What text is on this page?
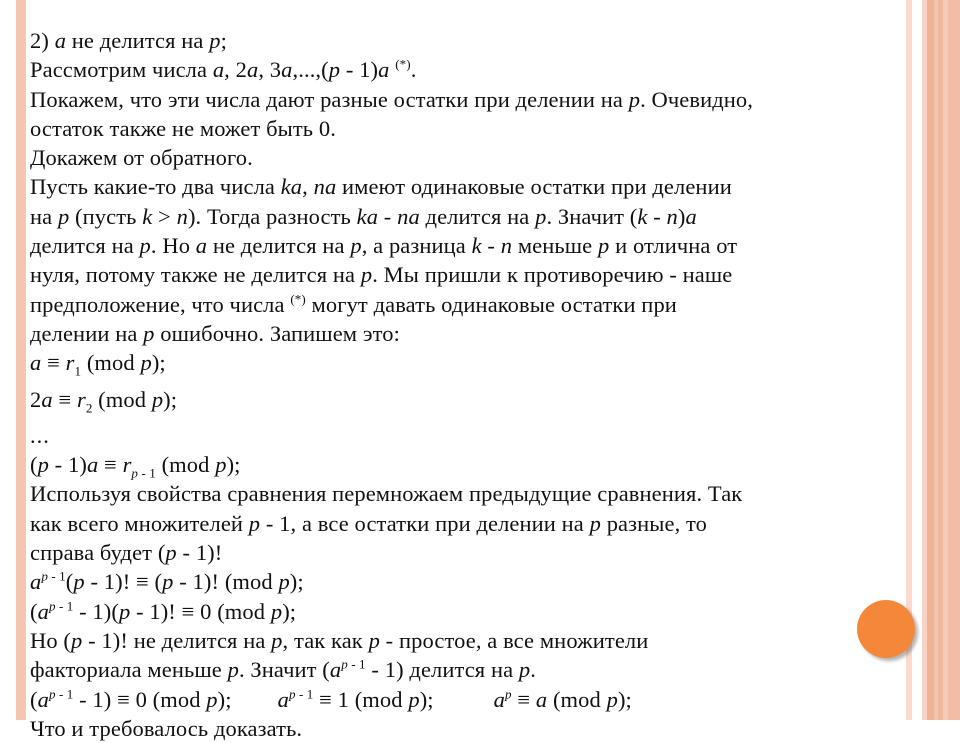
2) a не делится на p;
Рассмотрим числа a, 2a, 3a,...,(p - 1)a (*).
Покажем, что эти числа дают разные остатки при делении на p. Очевидно,
остаток также не может быть 0.
Докажем от обратного.
Пусть какие-то два числа ka, na имеют одинаковые остатки при делении
на p (пусть k > n). Тогда разность ka - na делится на p. Значит (k - n)a
делится на p. Но a не делится на p, а разница k - n меньше p и отлична от
нуля, потому также не делится на p. Мы пришли к противоречию - наше
предположение, что числа (*) могут давать одинаковые остатки при
делении на p ошибочно. Запишем это:
$a \equiv r_1$ (mod p);
$2a \equiv r_2$ (mod p);
...
$(p - 1)a \equiv r_{p - 1}$ (mod p);
Используя свойства сравнения перемножаем предыдущие сравнения. Так
как всего множителей p - 1, а все остатки при делении на p разные, то
справа будет (p - 1)!
$a^{p - 1}(p - 1)$! ≡ (p - 1)! (mod p);
$(a^{p - 1} - 1)(p - 1)$! ≡ 0 (mod p);
Но (p - 1)! не делится на p, так как p - простое, а все множители
факториала меньше p. Значит $(a^{p - 1} - 1)$ делится на p.
$(a^{p - 1} - 1) \equiv 0$ (mod p); $a^{p - 1} \equiv 1$ (mod p);	$a^p \equiv a$ (mod p);
Что и требовалось доказать.
